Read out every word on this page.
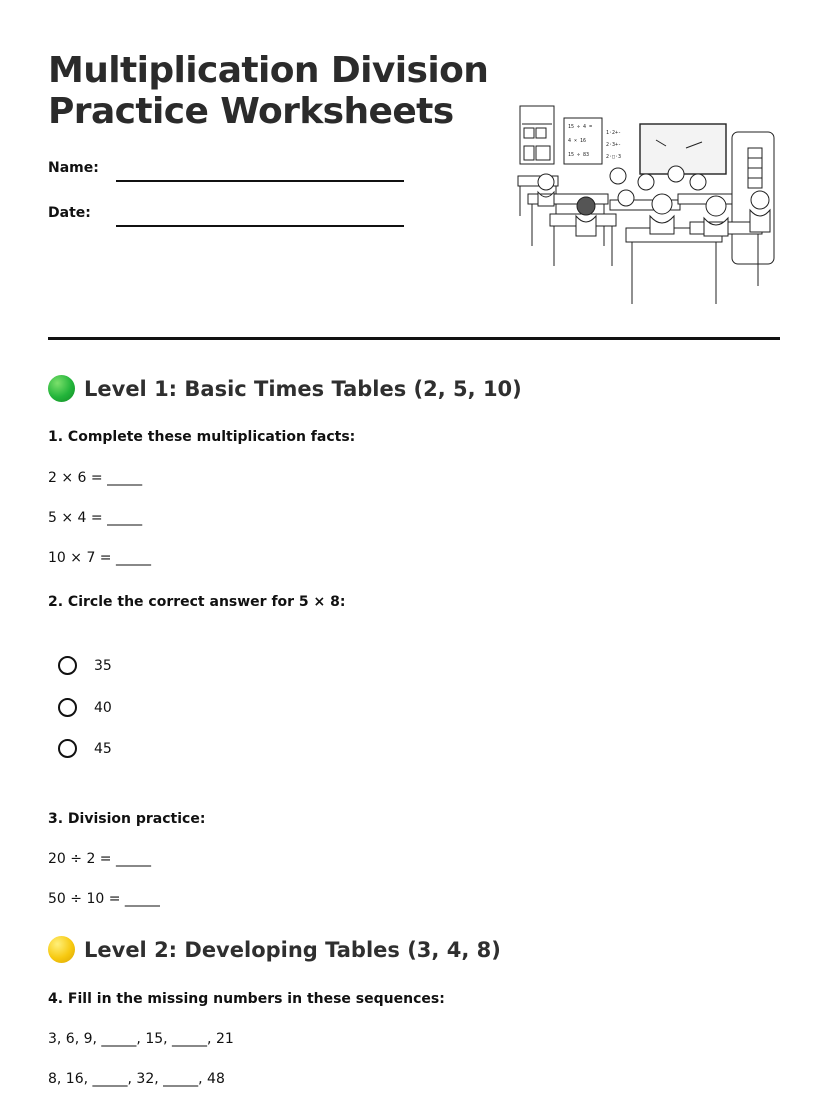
Multiplication Division
Practice Worksheets
Name:
Date:
15 ÷ 4 =
4 × 16
15 ÷ 83
1·2+-
2·3+-
2·□·3
Level 1: Basic Times Tables (2, 5, 10)
1. Complete these multiplication facts:
2 × 6 = _____
5 × 4 = _____
10 × 7 = _____
2. Circle the correct answer for 5 × 8:
35
40
45
3. Division practice:
20 ÷ 2 = _____
50 ÷ 10 = _____
Level 2: Developing Tables (3, 4, 8)
4. Fill in the missing numbers in these sequences:
3, 6, 9, _____, 15, _____, 21
8, 16, _____, 32, _____, 48
